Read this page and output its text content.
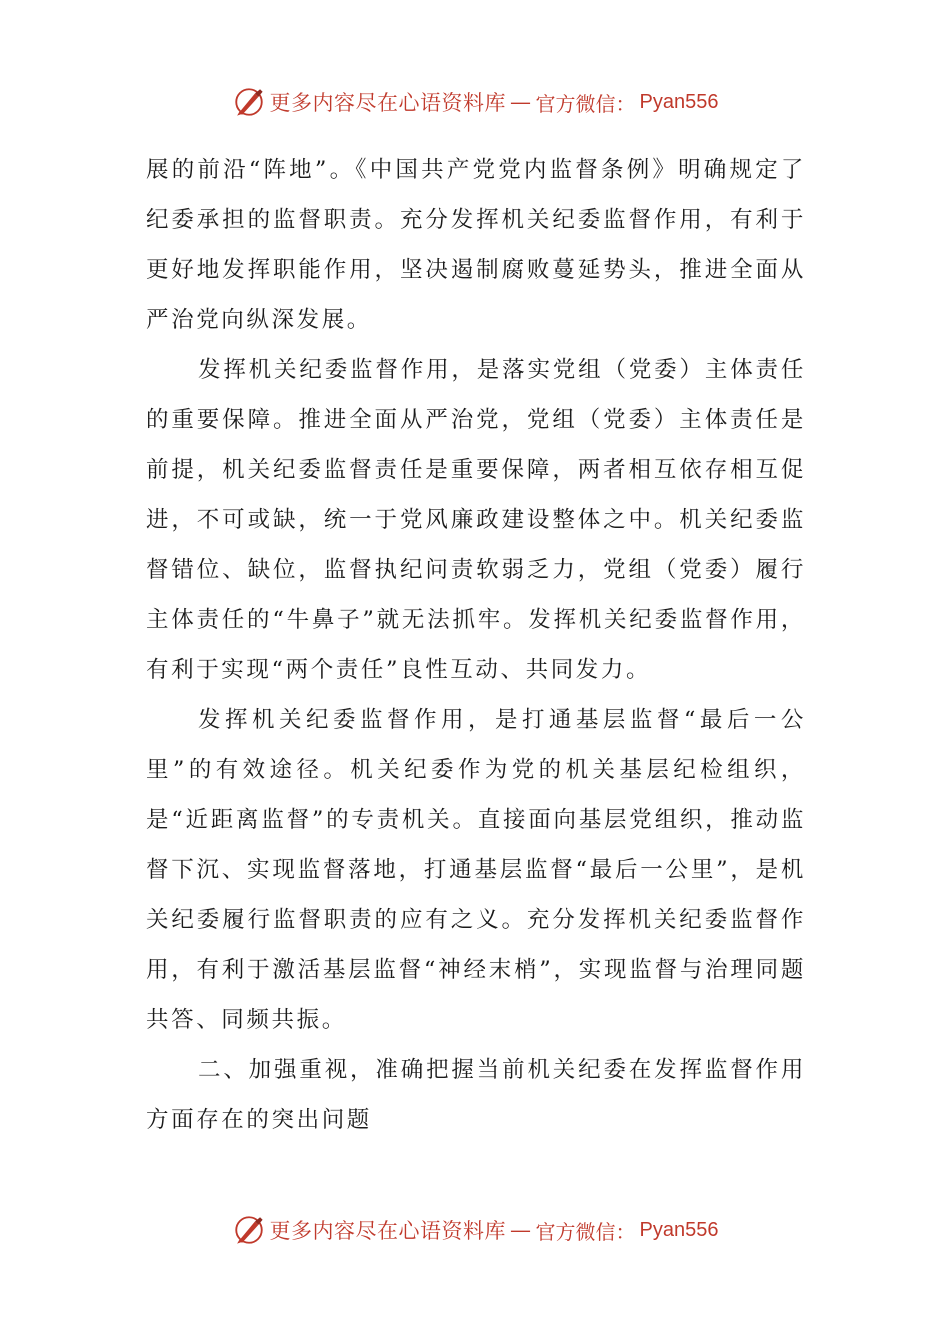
更多内容尽在心语资料库 — 官方微信： Pyan556

展的前沿“阵地”。《中国共产党党内监督条例》明确规定了纪委承担的监督职责。充分发挥机关纪委监督作用，有利于更好地发挥职能作用，坚决遏制腐败蔓延势头，推进全面从严治党向纵深发展。

发挥机关纪委监督作用，是落实党组（党委）主体责任的重要保障。推进全面从严治党，党组（党委）主体责任是前提，机关纪委监督责任是重要保障，两者相互依存相互促进，不可或缺，统一于党风廉政建设整体之中。机关纪委监督错位、缺位，监督执纪问责软弱乏力，党组（党委）履行主体责任的“牛鼻子”就无法抓牢。发挥机关纪委监督作用，有利于实现“两个责任”良性互动、共同发力。

发挥机关纪委监督作用，是打通基层监督“最后一公里”的有效途径。机关纪委作为党的机关基层纪检组织，是“近距离监督”的专责机关。直接面向基层党组织，推动监督下沉、实现监督落地，打通基层监督“最后一公里”，是机关纪委履行监督职责的应有之义。充分发挥机关纪委监督作用，有利于激活基层监督“神经末梢”，实现监督与治理同题共答、同频共振。

二、加强重视，准确把握当前机关纪委在发挥监督作用方面存在的突出问题

更多内容尽在心语资料库 — 官方微信： Pyan556
